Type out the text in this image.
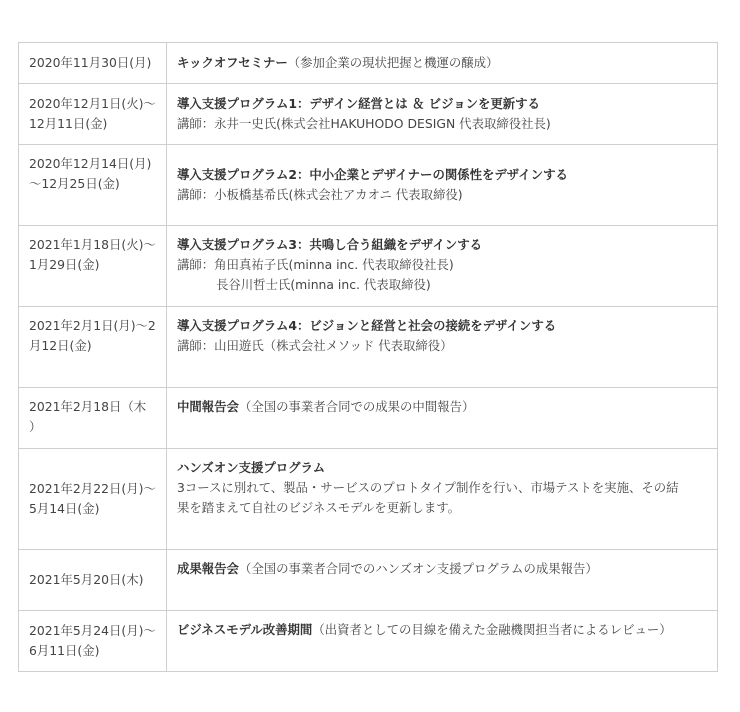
2020年11月30日(月)	キックオフセミナー（参加企業の現状把握と機運の醸成）

2020年12月1日(火)〜
12月11日(金)	導入支援プログラム1：デザイン経営とは ＆ ビジョンを更新する
講師：永井一史氏(株式会社HAKUHODO DESIGN 代表取締役社長)

2020年12月14日(月)
〜12月25日(金)	導入支援プログラム2：中小企業とデザイナーの関係性をデザインする
講師：小板橋基希氏(株式会社アカオニ 代表取締役)

2021年1月18日(火)〜
1月29日(金)	導入支援プログラム3：共鳴し合う組織をデザインする
講師：角田真祐子氏(minna inc. 代表取締役社長)
長谷川哲士氏(minna inc. 代表取締役)

2021年2月1日(月)〜2
月12日(金)	導入支援プログラム4：ビジョンと経営と社会の接続をデザインする
講師：山田遊氏（株式会社メソッド 代表取締役）

2021年2月18日（木
）	中間報告会（全国の事業者合同での成果の中間報告）

2021年2月22日(月)〜
5月14日(金)	ハンズオン支援プログラム
3コースに別れて、製品・サービスのプロトタイプ制作を行い、市場テストを実施、その結
果を踏まえて自社のビジネスモデルを更新します。

2021年5月20日(木)	成果報告会（全国の事業者合同でのハンズオン支援プログラムの成果報告）

2021年5月24日(月)〜
6月11日(金)	ビジネスモデル改善期間（出資者としての目線を備えた金融機関担当者によるレビュー）
